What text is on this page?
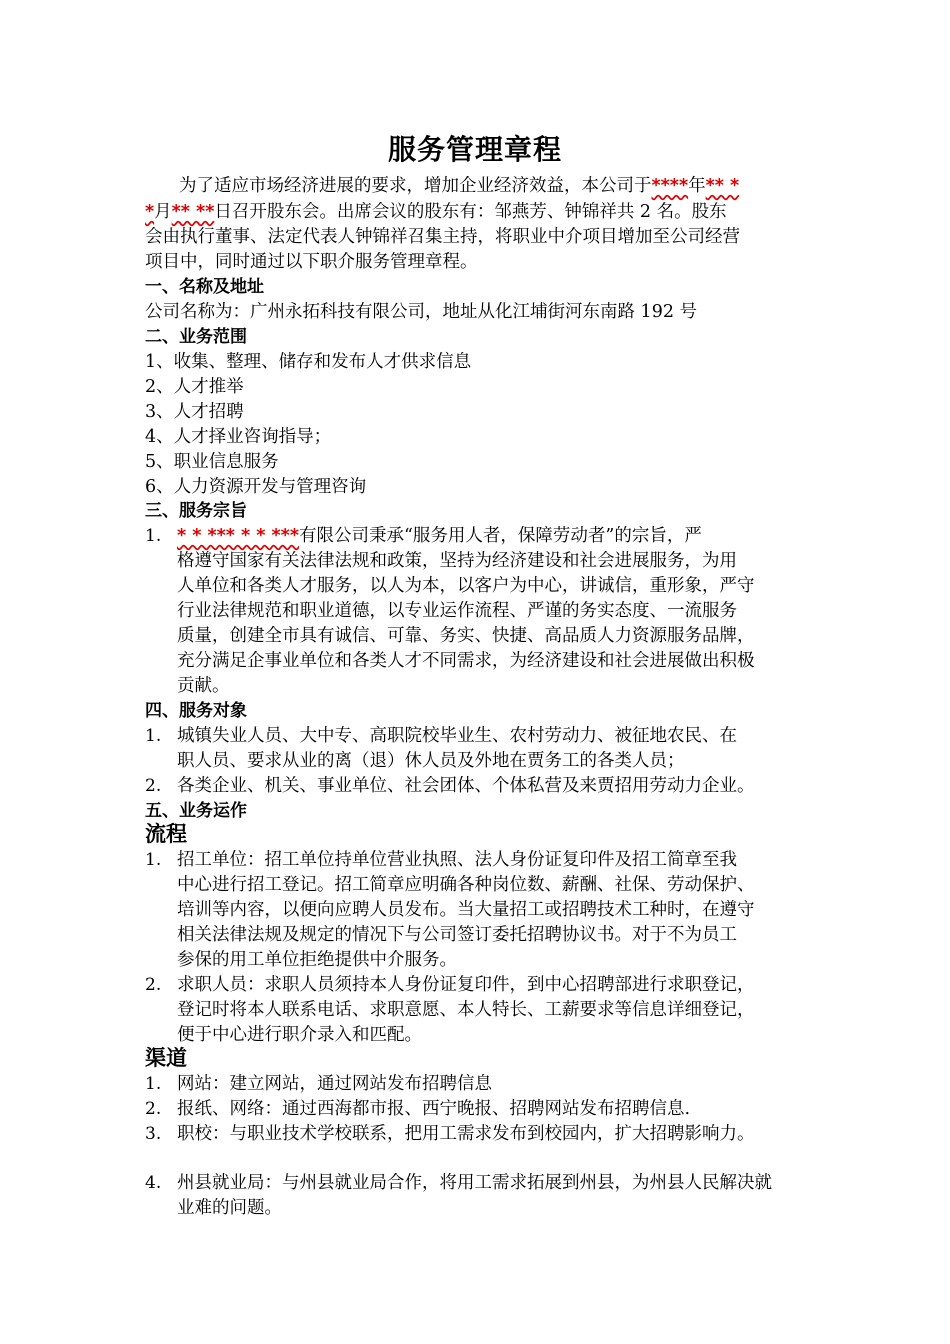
服务管理章程
为了适应市场经济进展的要求，增加企业经济效益，本公司于****年** *
*月** **日召开股东会。出席会议的股东有：邹燕芳、钟锦祥共 2 名。股东
会由执行董事、法定代表人钟锦祥召集主持，将职业中介项目增加至公司经营
项目中，同时通过以下职介服务管理章程。
一、名称及地址
公司名称为：广州永拓科技有限公司，地址从化江埔街河东南路 192 号
二、业务范围
1、收集、整理、储存和发布人才供求信息
2、人才推举
3、人才招聘
4、人才择业咨询指导；
5、职业信息服务
6、人力资源开发与管理咨询
三、服务宗旨
1. * * *** * * ***有限公司秉承“服务用人者，保障劳动者”的宗旨，严
格遵守国家有关法律法规和政策，坚持为经济建设和社会进展服务，为用
人单位和各类人才服务，以人为本，以客户为中心，讲诚信，重形象，严守
行业法律规范和职业道德，以专业运作流程、严谨的务实态度、一流服务
质量，创建全市具有诚信、可靠、务实、快捷、高品质人力资源服务品牌，
充分满足企事业单位和各类人才不同需求，为经济建设和社会进展做出积极
贡献。
四、服务对象
1. 城镇失业人员、大中专、高职院校毕业生、农村劳动力、被征地农民、在
职人员、要求从业的离（退）休人员及外地在贾务工的各类人员；
2. 各类企业、机关、事业单位、社会团体、个体私营及来贾招用劳动力企业。
五、业务运作
流程
1. 招工单位：招工单位持单位营业执照、法人身份证复印件及招工简章至我
中心进行招工登记。招工简章应明确各种岗位数、薪酬、社保、劳动保护、
培训等内容，以便向应聘人员发布。当大量招工或招聘技术工种时，在遵守
相关法律法规及规定的情况下与公司签订委托招聘协议书。对于不为员工
参保的用工单位拒绝提供中介服务。
2. 求职人员：求职人员须持本人身份证复印件，到中心招聘部进行求职登记，
登记时将本人联系电话、求职意愿、本人特长、工薪要求等信息详细登记，
便于中心进行职介录入和匹配。
渠道
1. 网站：建立网站，通过网站发布招聘信息
2. 报纸、网络：通过西海都市报、西宁晚报、招聘网站发布招聘信息.
3. 职校：与职业技术学校联系，把用工需求发布到校园内，扩大招聘影响力。
4. 州县就业局：与州县就业局合作，将用工需求拓展到州县，为州县人民解决就
业难的问题。
